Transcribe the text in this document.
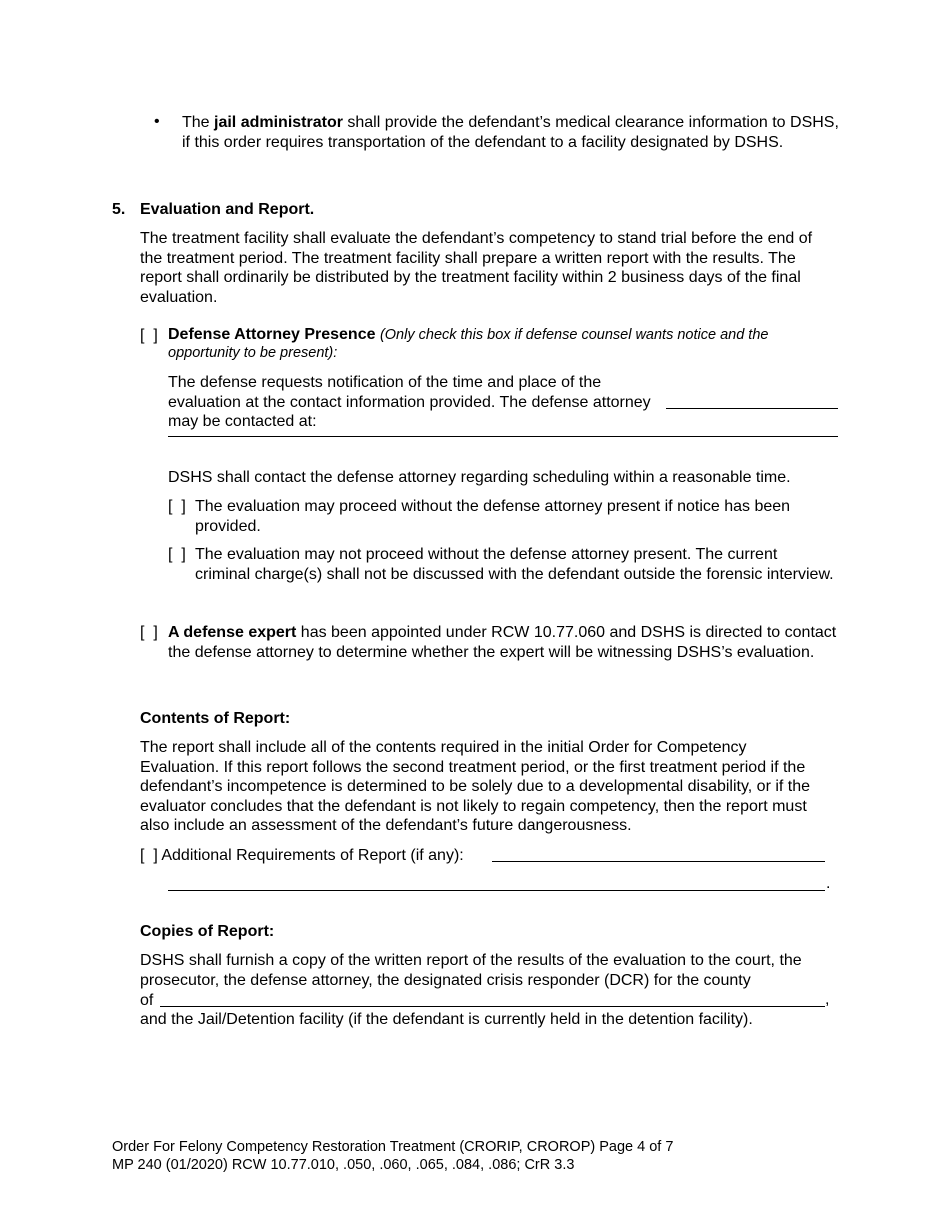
• The jail administrator shall provide the defendant’s medical clearance information to DSHS, if this order requires transportation of the defendant to a facility designated by DSHS.
5. Evaluation and Report.
The treatment facility shall evaluate the defendant’s competency to stand trial before the end of the treatment period. The treatment facility shall prepare a written report with the results. The report shall ordinarily be distributed by the treatment facility within 2 business days of the final evaluation.
[  ] Defense Attorney Presence (Only check this box if defense counsel wants notice and the opportunity to be present):
The defense requests notification of the time and place of the evaluation at the contact information provided. The defense attorney may be contacted at:
DSHS shall contact the defense attorney regarding scheduling within a reasonable time.
[  ] The evaluation may proceed without the defense attorney present if notice has been provided.
[  ] The evaluation may not proceed without the defense attorney present. The current criminal charge(s) shall not be discussed with the defendant outside the forensic interview.
[  ] A defense expert has been appointed under RCW 10.77.060 and DSHS is directed to contact the defense attorney to determine whether the expert will be witnessing DSHS’s evaluation.
Contents of Report:
The report shall include all of the contents required in the initial Order for Competency Evaluation. If this report follows the second treatment period, or the first treatment period if the defendant’s incompetence is determined to be solely due to a developmental disability, or if the evaluator concludes that the defendant is not likely to regain competency, then the report must also include an assessment of the defendant’s future dangerousness.
[  ] Additional Requirements of Report (if any):
.
Copies of Report:
DSHS shall furnish a copy of the written report of the results of the evaluation to the court, the prosecutor, the defense attorney, the designated crisis responder (DCR) for the county
of	,
and the Jail/Detention facility (if the defendant is currently held in the detention facility).
Order For Felony Competency Restoration Treatment (CRORIP, CROROP) Page 4 of 7
MP 240 (01/2020) RCW 10.77.010, .050, .060, .065, .084, .086; CrR 3.3
